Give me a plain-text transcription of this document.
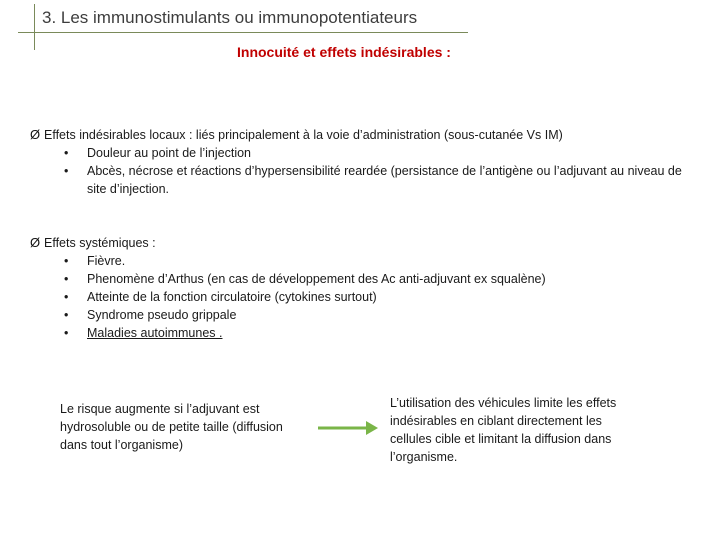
3. Les immunostimulants ou immunopotentiateurs
Innocuité et effets indésirables :
Ø Effets indésirables locaux : liés principalement à la voie d’administration (sous-cutanée Vs IM)
• Douleur au point de l’injection
• Abcès, nécrose et réactions d’hypersensibilité reardée (persistance de l’antigène ou l’adjuvant au niveau de site d’injection.
Ø Effets systémiques :
• Fièvre.
• Phenomène d’Arthus (en cas de développement des Ac anti-adjuvant ex squalène)
• Atteinte de la fonction circulatoire (cytokines surtout)
• Syndrome pseudo grippale
• Maladies autoimmunes .
Le risque augmente si l’adjuvant est hydrosoluble ou de petite taille (diffusion dans tout l’organisme)
L’utilisation des véhicules limite les effets indésirables en ciblant directement les cellules cible et limitant la diffusion dans l’organisme.
